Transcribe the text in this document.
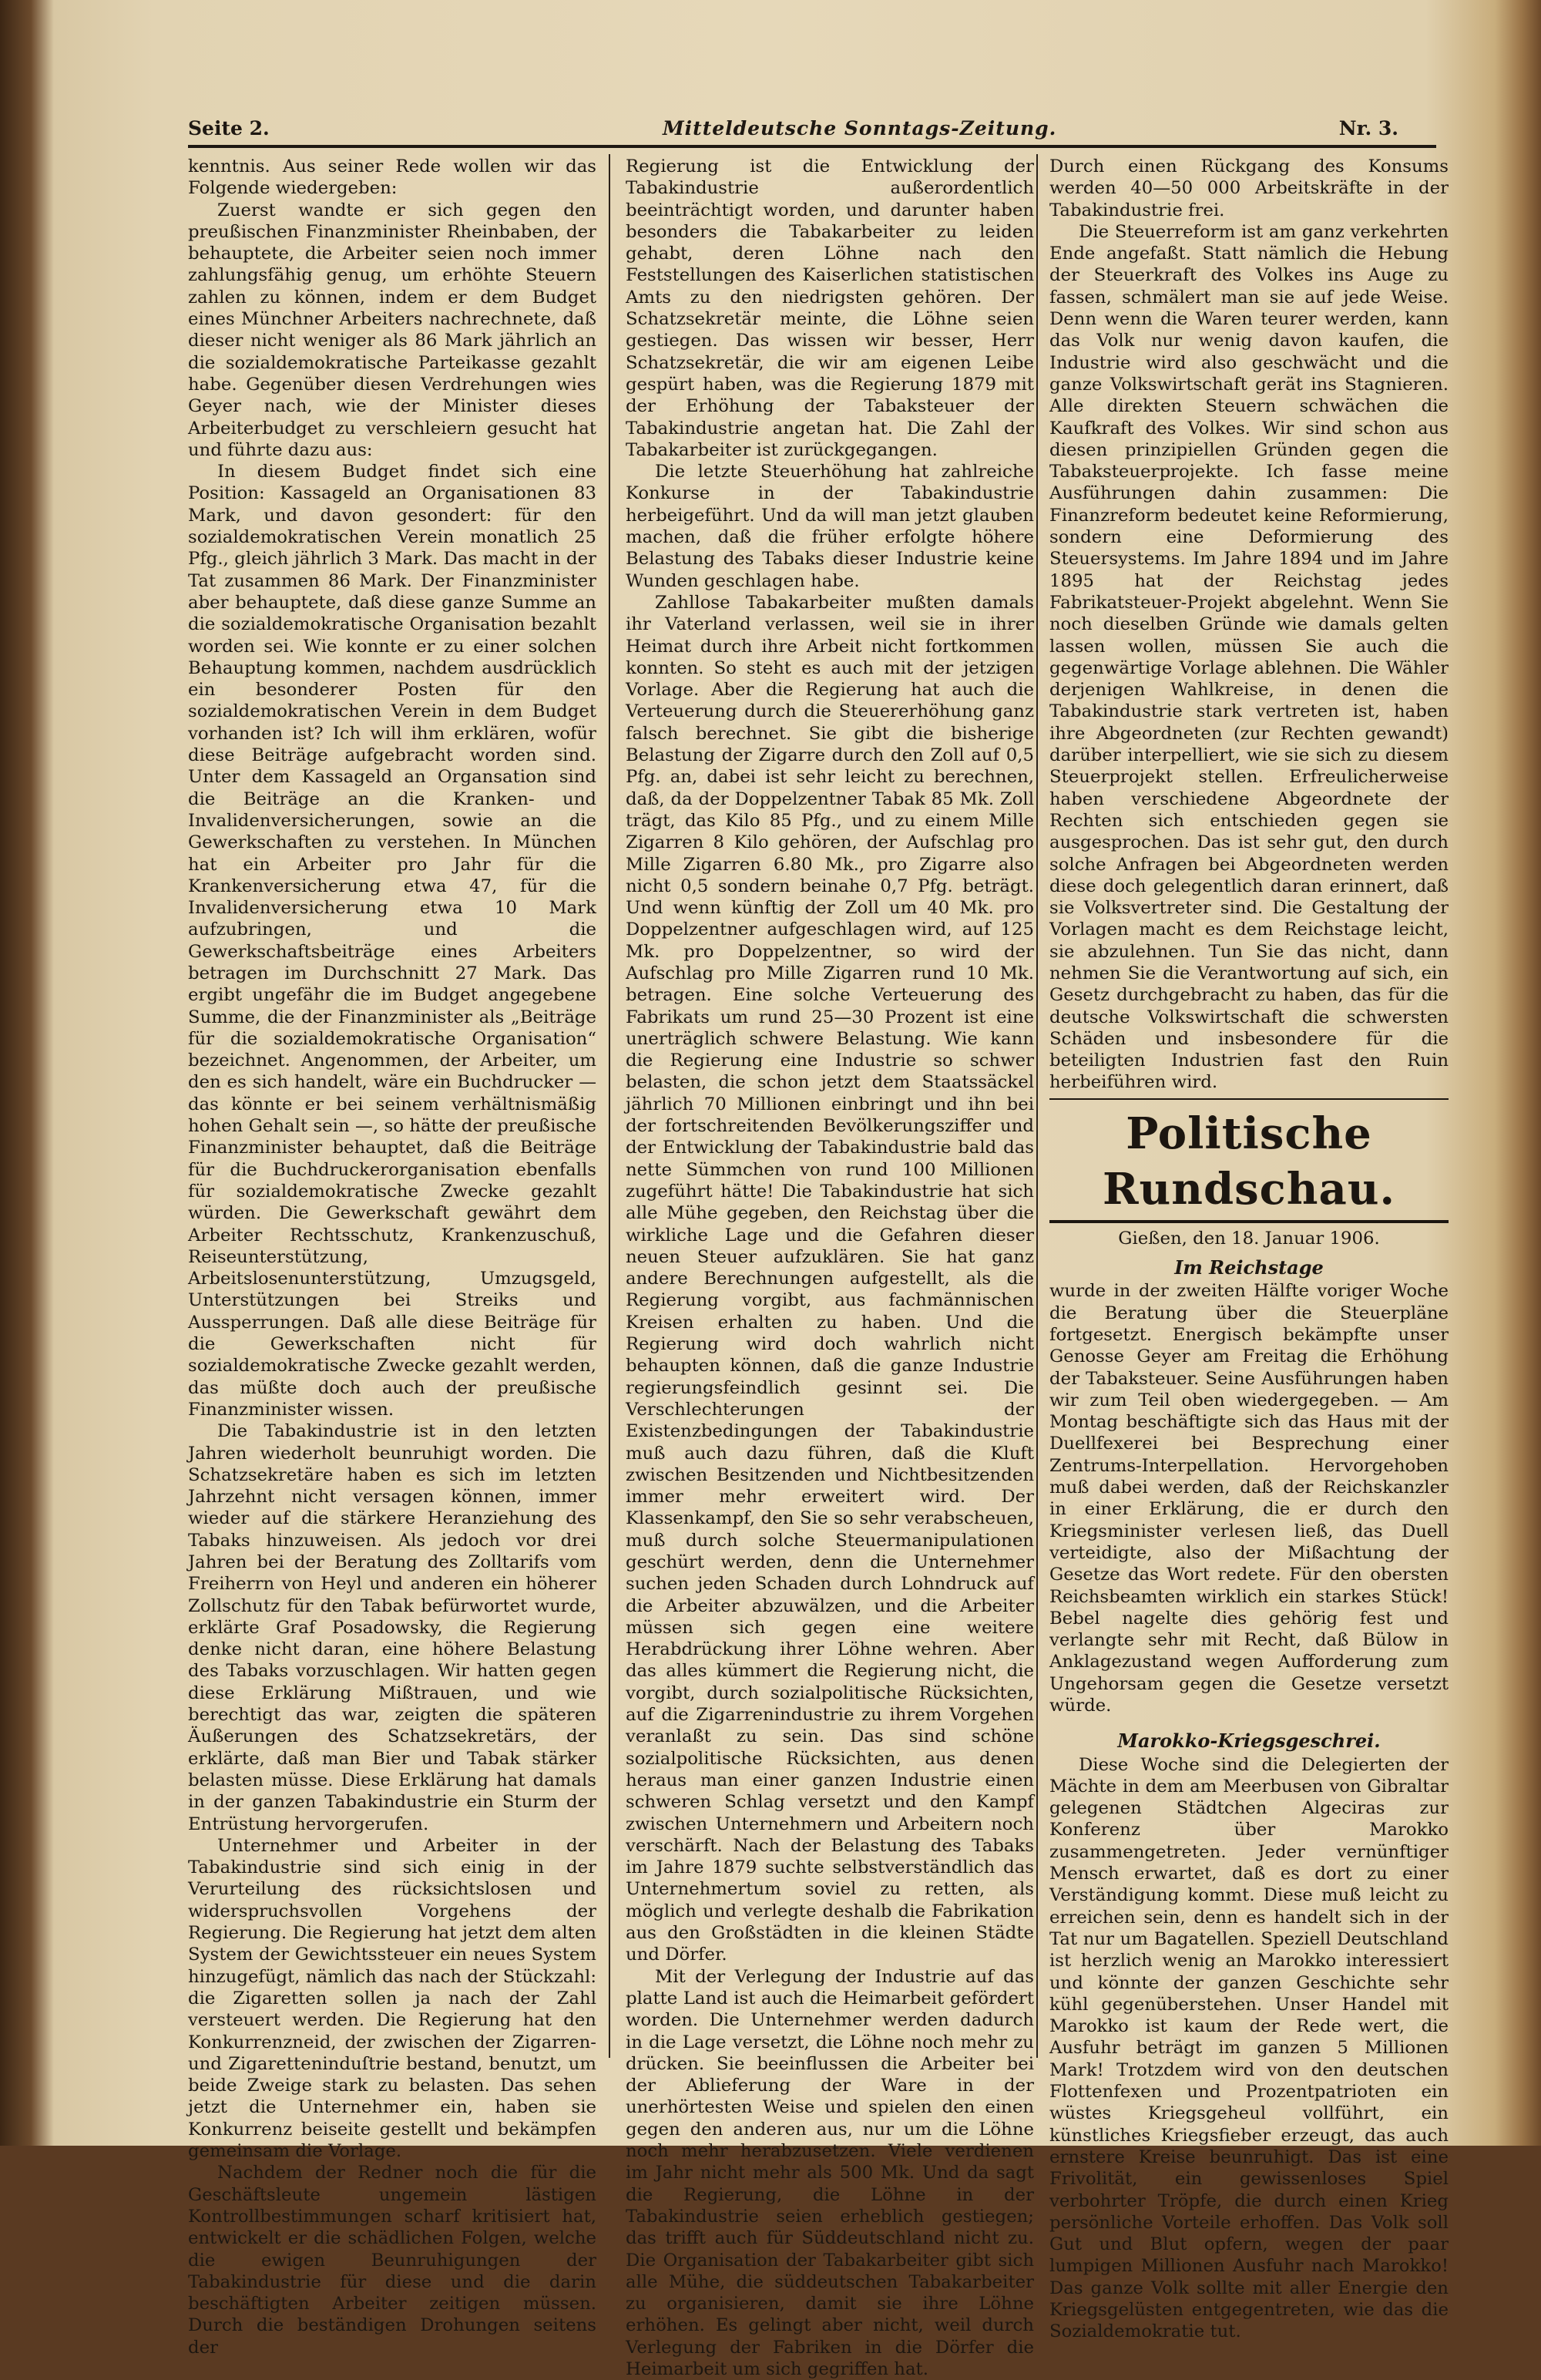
Seite 2.	Mitteldeutsche Sonntags-Zeitung.	Nr. 3.

kenntnis. Aus seiner Rede wollen wir das Folgende wiedergeben:

Zuerst wandte er sich gegen den preußischen Finanzminister Rheinbaben, der behauptete, die Arbeiter seien noch immer zahlungsfähig genug, um erhöhte Steuern zahlen zu können, indem er dem Budget eines Münchner Arbeiters nachrechnete, daß dieser nicht weniger als 86 Mark jährlich an die sozialdemokratische Parteikasse gezahlt habe. Gegenüber diesen Verdrehungen wies Geyer nach, wie der Minister dieses Arbeiterbudget zu verschleiern gesucht hat und führte dazu aus:

In diesem Budget findet sich eine Position: Kassageld an Organisationen 83 Mark, und davon gesondert: für den sozialdemokratischen Verein monatlich 25 Pfg., gleich jährlich 3 Mark. Das macht in der Tat zusammen 86 Mark. Der Finanzminister aber behauptete, daß diese ganze Summe an die sozialdemokratische Organisation bezahlt worden sei. Wie konnte er zu einer solchen Behauptung kommen, nachdem ausdrücklich ein besonderer Posten für den sozialdemokratischen Verein in dem Budget vorhanden ist? Ich will ihm erklären, wofür diese Beiträge aufgebracht worden sind. Unter dem Kassageld an Organsation sind die Beiträge an die Kranken- und Invalidenversicherungen, sowie an die Gewerkschaften zu verstehen. In München hat ein Arbeiter pro Jahr für die Krankenversicherung etwa 47, für die Invalidenversicherung etwa 10 Mark aufzubringen, und die Gewerkschaftsbeiträge eines Arbeiters betragen im Durchschnitt 27 Mark. Das ergibt ungefähr die im Budget angegebene Summe, die der Finanzminister als „Beiträge für die sozialdemokratische Organisation“ bezeichnet. Angenommen, der Arbeiter, um den es sich handelt, wäre ein Buchdrucker — das könnte er bei seinem verhältnismäßig hohen Gehalt sein —, so hätte der preußische Finanzminister behauptet, daß die Beiträge für die Buchdruckerorganisation ebenfalls für sozialdemokratische Zwecke gezahlt würden. Die Gewerkschaft gewährt dem Arbeiter Rechtsschutz, Krankenzuschuß, Reiseunterstützung, Arbeitslosenunterstützung, Umzugsgeld, Unterstützungen bei Streiks und Aussperrungen. Daß alle diese Beiträge für die Gewerkschaften nicht für sozialdemokratische Zwecke gezahlt werden, das müßte doch auch der preußische Finanzminister wissen.

Die Tabakindustrie ist in den letzten Jahren wiederholt beunruhigt worden. Die Schatzsekretäre haben es sich im letzten Jahrzehnt nicht versagen können, immer wieder auf die stärkere Heranziehung des Tabaks hinzuweisen. Als jedoch vor drei Jahren bei der Beratung des Zolltarifs vom Freiherrn von Heyl und anderen ein höherer Zollschutz für den Tabak befürwortet wurde, erklärte Graf Posadowsky, die Regierung denke nicht daran, eine höhere Belastung des Tabaks vorzuschlagen. Wir hatten gegen diese Erklärung Mißtrauen, und wie berechtigt das war, zeigten die späteren Äußerungen des Schatzsekretärs, der erklärte, daß man Bier und Tabak stärker belasten müsse. Diese Erklärung hat damals in der ganzen Tabakindustrie ein Sturm der Entrüstung hervorgerufen.

Unternehmer und Arbeiter in der Tabakindustrie sind sich einig in der Verurteilung des rücksichtslosen und widerspruchsvollen Vorgehens der Regierung. Die Regierung hat jetzt dem alten System der Gewichtssteuer ein neues System hinzugefügt, nämlich das nach der Stückzahl: die Zigaretten sollen ja nach der Zahl versteuert werden. Die Regierung hat den Konkurrenzneid, der zwischen der Zigarren- und Zigaretteninduſtrie bestand, benutzt, um beide Zweige stark zu belasten. Das sehen jetzt die Unternehmer ein, haben sie Konkurrenz beiseite gestellt und bekämpfen gemeinsam die Vorlage.

Nachdem der Redner noch die für die Geschäftsleute ungemein lästigen Kontrollbestimmungen scharf kritisiert hat, entwickelt er die schädlichen Folgen, welche die ewigen Beunruhigungen der Tabakindustrie für diese und die darin beschäftigten Arbeiter zeitigen müssen. Durch die beständigen Drohungen seitens der

Regierung ist die Entwicklung der Tabakindustrie außerordentlich beeinträchtigt worden, und darunter haben besonders die Tabakarbeiter zu leiden gehabt, deren Löhne nach den Feststellungen des Kaiserlichen statistischen Amts zu den niedrigsten gehören. Der Schatzsekretär meinte, die Löhne seien gestiegen. Das wissen wir besser, Herr Schatzsekretär, die wir am eigenen Leibe gespürt haben, was die Regierung 1879 mit der Erhöhung der Tabaksteuer der Tabakindustrie angetan hat. Die Zahl der Tabakarbeiter ist zurückgegangen.

Die letzte Steuerhöhung hat zahlreiche Konkurse in der Tabakindustrie herbeigeführt. Und da will man jetzt glauben machen, daß die früher erfolgte höhere Belastung des Tabaks dieser Industrie keine Wunden geschlagen habe.

Zahllose Tabakarbeiter mußten damals ihr Vaterland verlassen, weil sie in ihrer Heimat durch ihre Arbeit nicht fortkommen konnten. So steht es auch mit der jetzigen Vorlage. Aber die Regierung hat auch die Verteuerung durch die Steuererhöhung ganz falsch berechnet. Sie gibt die bisherige Belastung der Zigarre durch den Zoll auf 0,5 Pfg. an, dabei ist sehr leicht zu berechnen, daß, da der Doppelzentner Tabak 85 Mk. Zoll trägt, das Kilo 85 Pfg., und zu einem Mille Zigarren 8 Kilo gehören, der Aufschlag pro Mille Zigarren 6.80 Mk., pro Zigarre also nicht 0,5 sondern beinahe 0,7 Pfg. beträgt. Und wenn künftig der Zoll um 40 Mk. pro Doppelzentner aufgeschlagen wird, auf 125 Mk. pro Doppelzentner, so wird der Aufschlag pro Mille Zigarren rund 10 Mk. betragen. Eine solche Verteuerung des Fabrikats um rund 25—30 Prozent ist eine unerträglich schwere Belastung. Wie kann die Regierung eine Industrie so schwer belasten, die schon jetzt dem Staatssäckel jährlich 70 Millionen einbringt und ihn bei der fortschreitenden Bevölkerungsziffer und der Entwicklung der Tabakindustrie bald das nette Sümmchen von rund 100 Millionen zugeführt hätte! Die Tabakindustrie hat sich alle Mühe gegeben, den Reichstag über die wirkliche Lage und die Gefahren dieser neuen Steuer aufzuklären. Sie hat ganz andere Berechnungen aufgestellt, als die Regierung vorgibt, aus fachmännischen Kreisen erhalten zu haben. Und die Regierung wird doch wahrlich nicht behaupten können, daß die ganze Industrie regierungsfeindlich gesinnt sei. Die Verschlechterungen der Existenzbedingungen der Tabakindustrie muß auch dazu führen, daß die Kluft zwischen Besitzenden und Nichtbesitzenden immer mehr erweitert wird. Der Klassenkampf, den Sie so sehr verabscheuen, muß durch solche Steuermanipulationen geschürt werden, denn die Unternehmer suchen jeden Schaden durch Lohndruck auf die Arbeiter abzuwälzen, und die Arbeiter müssen sich gegen eine weitere Herabdrückung ihrer Löhne wehren. Aber das alles kümmert die Regierung nicht, die vorgibt, durch sozialpolitische Rücksichten, auf die Zigarrenindustrie zu ihrem Vorgehen veranlaßt zu sein. Das sind schöne sozialpolitische Rücksichten, aus denen heraus man einer ganzen Industrie einen schweren Schlag versetzt und den Kampf zwischen Unternehmern und Arbeitern noch verschärft. Nach der Belastung des Tabaks im Jahre 1879 suchte selbstverständlich das Unternehmertum soviel zu retten, als möglich und verlegte deshalb die Fabrikation aus den Großstädten in die kleinen Städte und Dörfer.

Mit der Verlegung der Industrie auf das platte Land ist auch die Heimarbeit gefördert worden. Die Unternehmer werden dadurch in die Lage versetzt, die Löhne noch mehr zu drücken. Sie beeinflussen die Arbeiter bei der Ablieferung der Ware in der unerhörtesten Weise und spielen den einen gegen den anderen aus, nur um die Löhne noch mehr herabzusetzen. Viele verdienen im Jahr nicht mehr als 500 Mk. Und da sagt die Regierung, die Löhne in der Tabakindustrie seien erheblich gestiegen; das trifft auch für Süddeutschland nicht zu. Die Organisation der Tabakarbeiter gibt sich alle Mühe, die süddeutschen Tabakarbeiter zu organisieren, damit sie ihre Löhne erhöhen. Es gelingt aber nicht, weil durch Verlegung der Fabriken in die Dörfer die Heimarbeit um sich gegriffen hat.

Durch einen Rückgang des Konsums werden 40—50 000 Arbeitskräfte in der Tabakindustrie frei.

Die Steuerreform ist am ganz verkehrten Ende angefaßt. Statt nämlich die Hebung der Steuerkraft des Volkes ins Auge zu fassen, schmälert man sie auf jede Weise. Denn wenn die Waren teurer werden, kann das Volk nur wenig davon kaufen, die Industrie wird also geschwächt und die ganze Volkswirtschaft gerät ins Stagnieren. Alle direkten Steuern schwächen die Kaufkraft des Volkes. Wir sind schon aus diesen prinzipiellen Gründen gegen die Tabaksteuerprojekte. Ich fasse meine Ausführungen dahin zusammen: Die Finanzreform bedeutet keine Reformierung, sondern eine Deformierung des Steuersystems. Im Jahre 1894 und im Jahre 1895 hat der Reichstag jedes Fabrikatsteuer-Projekt abgelehnt. Wenn Sie noch dieselben Gründe wie damals gelten lassen wollen, müssen Sie auch die gegenwärtige Vorlage ablehnen. Die Wähler derjenigen Wahlkreise, in denen die Tabakindustrie stark vertreten ist, haben ihre Abgeordneten (zur Rechten gewandt) darüber interpelliert, wie sie sich zu diesem Steuerprojekt stellen. Erfreulicherweise haben verschiedene Abgeordnete der Rechten sich entschieden gegen sie ausgesprochen. Das ist sehr gut, den durch solche Anfragen bei Abgeordneten werden diese doch gelegentlich daran erinnert, daß sie Volksvertreter sind. Die Gestaltung der Vorlagen macht es dem Reichstage leicht, sie abzulehnen. Tun Sie das nicht, dann nehmen Sie die Verantwortung auf sich, ein Gesetz durchgebracht zu haben, das für die deutsche Volkswirtschaft die schwersten Schäden und insbesondere für die beteiligten Industrien fast den Ruin herbeiführen wird.

Politische Rundschau.
Gießen, den 18. Januar 1906.
Im Reichstage

wurde in der zweiten Hälfte voriger Woche die Beratung über die Steuerpläne fortgesetzt. Energisch bekämpfte unser Genosse Geyer am Freitag die Erhöhung der Tabaksteuer. Seine Ausführungen haben wir zum Teil oben wiedergegeben. — Am Montag beschäftigte sich das Haus mit der Duellfexerei bei Besprechung einer Zentrums-Interpellation. Hervorgehoben muß dabei werden, daß der Reichskanzler in einer Erklärung, die er durch den Kriegsminister verlesen ließ, das Duell verteidigte, also der Mißachtung der Gesetze das Wort redete. Für den obersten Reichsbeamten wirklich ein starkes Stück! Bebel nagelte dies gehörig fest und verlangte sehr mit Recht, daß Bülow in Anklagezustand wegen Aufforderung zum Ungehorsam gegen die Gesetze versetzt würde.

Marokko-Kriegsgeschrei.

Diese Woche sind die Delegierten der Mächte in dem am Meerbusen von Gibraltar gelegenen Städtchen Algeciras zur Konferenz über Marokko zusammengetreten. Jeder vernünftiger Mensch erwartet, daß es dort zu einer Verständigung kommt. Diese muß leicht zu erreichen sein, denn es handelt sich in der Tat nur um Bagatellen. Speziell Deutschland ist herzlich wenig an Marokko interessiert und könnte der ganzen Geschichte sehr kühl gegenüberstehen. Unser Handel mit Marokko ist kaum der Rede wert, die Ausfuhr beträgt im ganzen 5 Millionen Mark! Trotzdem wird von den deutschen Flottenfexen und Prozentpatrioten ein wüstes Kriegsgeheul vollführt, ein künstliches Kriegsfieber erzeugt, das auch ernstere Kreise beunruhigt. Das ist eine Frivolität, ein gewissenloses Spiel verbohrter Tröpfe, die durch einen Krieg persönliche Vorteile erhoffen. Das Volk soll Gut und Blut opfern, wegen der paar lumpigen Millionen Ausfuhr nach Marokko! Das ganze Volk sollte mit aller Energie den Kriegsgelüsten entgegentreten, wie das die Sozialdemokratie tut.
